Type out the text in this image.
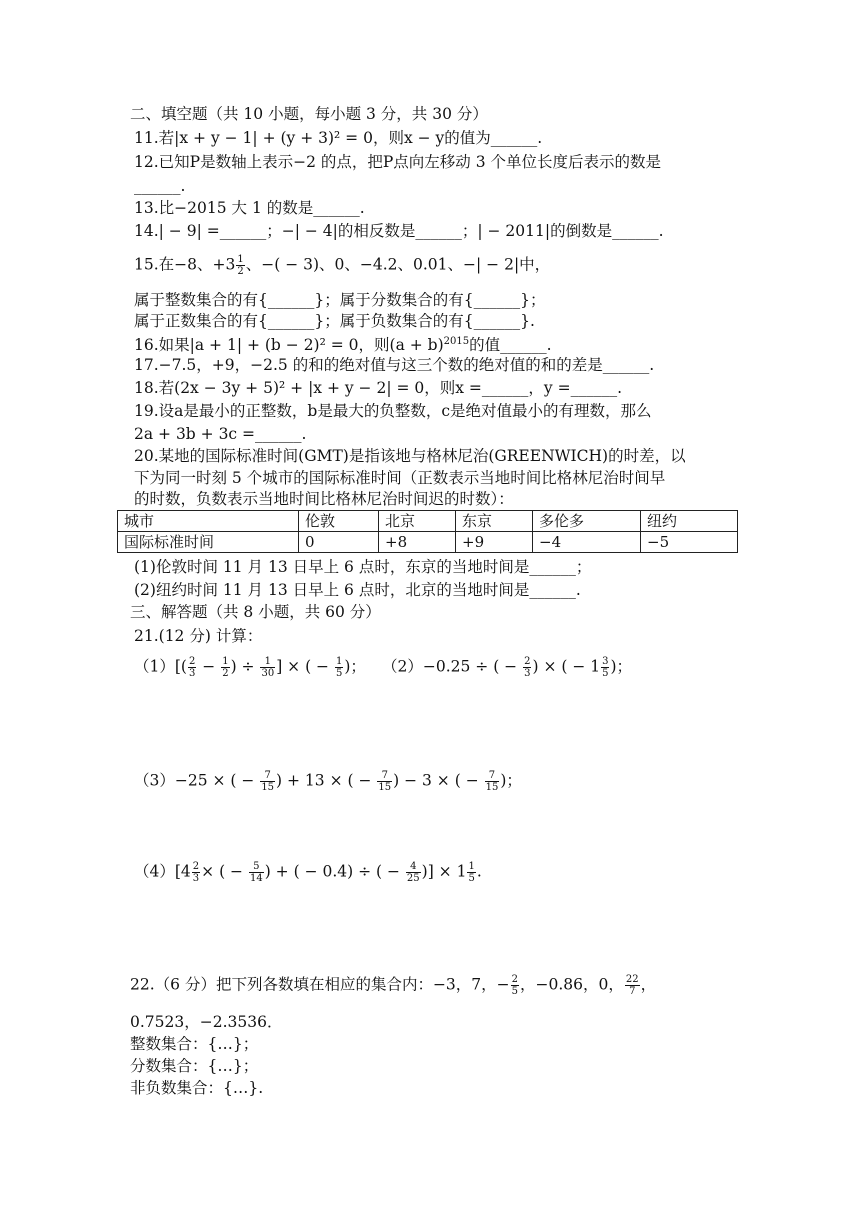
二、填空题（共 10 小题，每小题 3 分，共 30 分）
11.若|x + y − 1| + (y + 3)² = 0，则x − y的值为______.
12.已知P是数轴上表示−2 的点，把P点向左移动 3 个单位长度后表示的数是
______.
13.比−2015 大 1 的数是______.
14.| − 9| =______；−| − 4|的相反数是______；| − 2011|的倒数是______.
15.在−8、$+3 \frac{1}{2}$ 、−( − 3)、0、−4.2、0.01、−| − 2|中，
属于整数集合的有{______}；属于分数集合的有{______}；
属于正数集合的有{______}；属于负数集合的有{______}.
16.如果|a + 1| + (b − 2)² = 0，则$(a + b)^{2015}$的值______.
17.−7.5，+9，−2.5 的和的绝对值与这三个数的绝对值的和的差是______.
18.若(2x − 3y + 5)² + |x + y − 2| = 0，则x =______，y =______.
19.设a是最小的正整数，b是最大的负整数，c是绝对值最小的有理数，那么
2a + 3b + 3c =______.
20.某地的国际标准时间(GMT)是指该地与格林尼治(GREENWICH)的时差，以
下为同一时刻 5 个城市的国际标准时间（正数表示当地时间比格林尼治时间早
的时数，负数表示当地时间比格林尼治时间迟的时数）：
城市	伦敦	北京	东京	多伦多	纽约
国际标准时间	0	+8	+9	−4	−5
(1)伦敦时间 11 月 13 日早上 6 点时，东京的当地时间是______；
(2)纽约时间 11 月 13 日早上 6 点时，北京的当地时间是______.
三、解答题（共 8 小题，共 60 分）
21.(12 分) 计算：
$(1)[( \frac{2}{3} - \frac{1}{2}$ ) ÷ $\frac{1}{30}$ ] × ( − $\frac{1}{5}$ )； （2）−0.25 ÷ ( − $\frac{2}{3}$ ) × ( − $1 \frac{3}{5}$ )；
（3）−25 × ( − $\frac{7}{15}$ ) + 13 × ( − $\frac{7}{15}$ ) − 3 × ( − $\frac{7}{15}$ )；
$(4)[4 \frac{2}{3}$ × ( − $\frac{5}{14}$ ) + ( − 0.4) ÷ ( − $\frac{4}{25}$ )] × $1 \frac{1}{5}$ .
22.（6 分）把下列各数填在相应的集合内：−3，7，− $\frac{2}{5}$ ，−0.86，0， $\frac{22}{7}$ ，
0.7523，−2.3536．
整数集合：{…}；
分数集合：{…}；
非负数集合：{…}.
